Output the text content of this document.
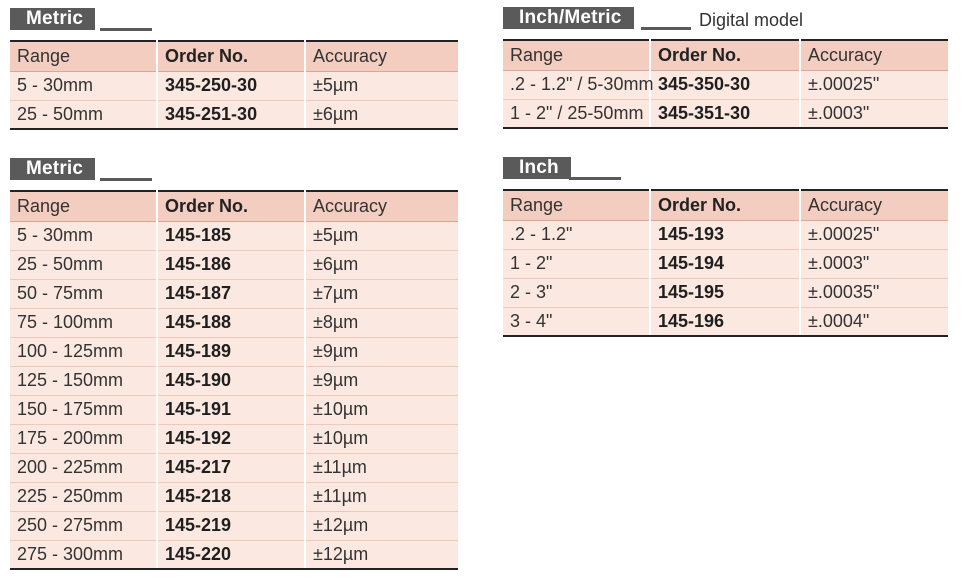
Metric
Range	Order No.	Accuracy
5 - 30mm	345-250-30	±5µm
25 - 50mm	345-251-30	±6µm
Inch/Metric	Digital model
Range	Order No.	Accuracy
.2 - 1.2" / 5-30mm	345-350-30	±.00025"
1 - 2" / 25-50mm	345-351-30	±.0003"
Metric
Range	Order No.	Accuracy
5 - 30mm	145-185	±5µm
25 - 50mm	145-186	±6µm
50 - 75mm	145-187	±7µm
75 - 100mm	145-188	±8µm
100 - 125mm	145-189	±9µm
125 - 150mm	145-190	±9µm
150 - 175mm	145-191	±10µm
175 - 200mm	145-192	±10µm
200 - 225mm	145-217	±11µm
225 - 250mm	145-218	±11µm
250 - 275mm	145-219	±12µm
275 - 300mm	145-220	±12µm
Inch
Range	Order No.	Accuracy
.2 - 1.2"	145-193	±.00025"
1 - 2"	145-194	±.0003"
2 - 3"	145-195	±.00035"
3 - 4"	145-196	±.0004"
